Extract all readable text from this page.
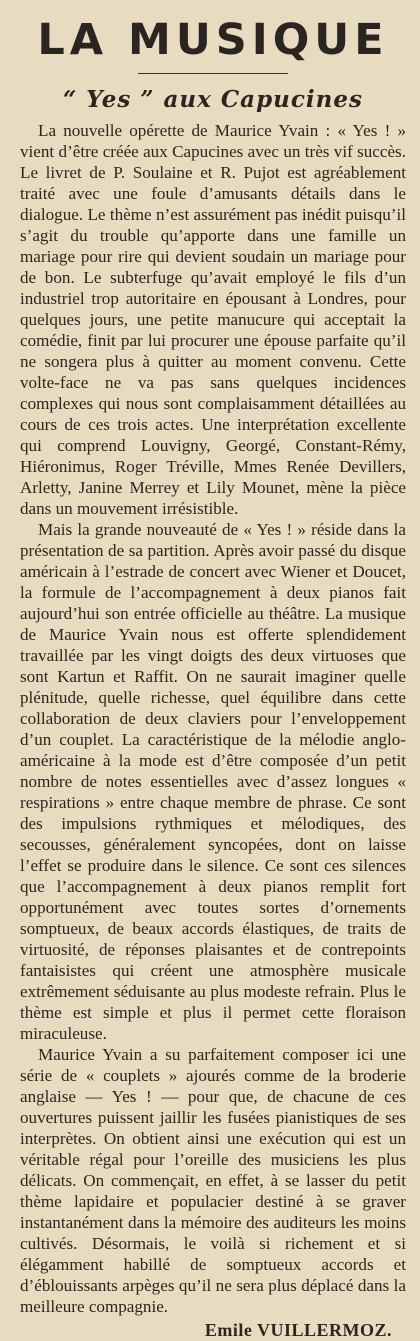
LA MUSIQUE
“ Yes ” aux Capucines

La nouvelle opérette de Maurice Yvain : « Yes ! » vient d’être créée aux Capucines avec un très vif succès. Le livret de P. Soulaine et R. Pujot est agréablement traité avec une foule d’amusants détails dans le dialogue. Le thème n’est assurément pas inédit puisqu’il s’agit du trouble qu’apporte dans une famille un mariage pour rire qui devient soudain un mariage pour de bon. Le subterfuge qu’avait employé le fils d’un industriel trop autoritaire en épousant à Londres, pour quelques jours, une petite manucure qui acceptait la comédie, finit par lui procurer une épouse parfaite qu’il ne songera plus à quitter au moment convenu. Cette volte-face ne va pas sans quelques incidences complexes qui nous sont complaisamment détaillées au cours de ces trois actes. Une interprétation excellente qui comprend Louvigny, Georgé, Constant-Rémy, Hiéronimus, Roger Tréville, Mmes Renée Devillers, Arletty, Janine Merrey et Lily Mounet, mène la pièce dans un mouvement irrésistible.

Mais la grande nouveauté de « Yes ! » réside dans la présentation de sa partition. Après avoir passé du disque américain à l’estrade de concert avec Wiener et Doucet, la formule de l’accompagnement à deux pianos fait aujourd’hui son entrée officielle au théâtre. La musique de Maurice Yvain nous est offerte splendidement travaillée par les vingt doigts des deux virtuoses que sont Kartun et Raffit. On ne saurait imaginer quelle plénitude, quelle richesse, quel équilibre dans cette collaboration de deux claviers pour l’enveloppement d’un couplet. La caractéristique de la mélodie anglo-américaine à la mode est d’être composée d’un petit nombre de notes essentielles avec d’assez longues « respirations » entre chaque membre de phrase. Ce sont des impulsions rythmiques et mélodiques, des secousses, généralement syncopées, dont on laisse l’effet se produire dans le silence. Ce sont ces silences que l’accompagnement à deux pianos remplit fort opportunément avec toutes sortes d’ornements somptueux, de beaux accords élastiques, de traits de virtuosité, de réponses plaisantes et de contrepoints fantaisistes qui créent une atmosphère musicale extrêmement séduisante au plus modeste refrain. Plus le thème est simple et plus il permet cette floraison miraculeuse.

Maurice Yvain a su parfaitement composer ici une série de « couplets » ajourés comme de la broderie anglaise — Yes ! — pour que, de chacune de ces ouvertures puissent jaillir les fusées pianistiques de ses interprètes. On obtient ainsi une exécution qui est un véritable régal pour l’oreille des musiciens les plus délicats. On commençait, en effet, à se lasser du petit thème lapidaire et populacier destiné à se graver instantanément dans la mémoire des auditeurs les moins cultivés. Désormais, le voilà si richement et si élégamment habillé de somptueux accords et d’éblouissants arpèges qu’il ne sera plus déplacé dans la meilleure compagnie.

Emile VUILLERMOZ.
